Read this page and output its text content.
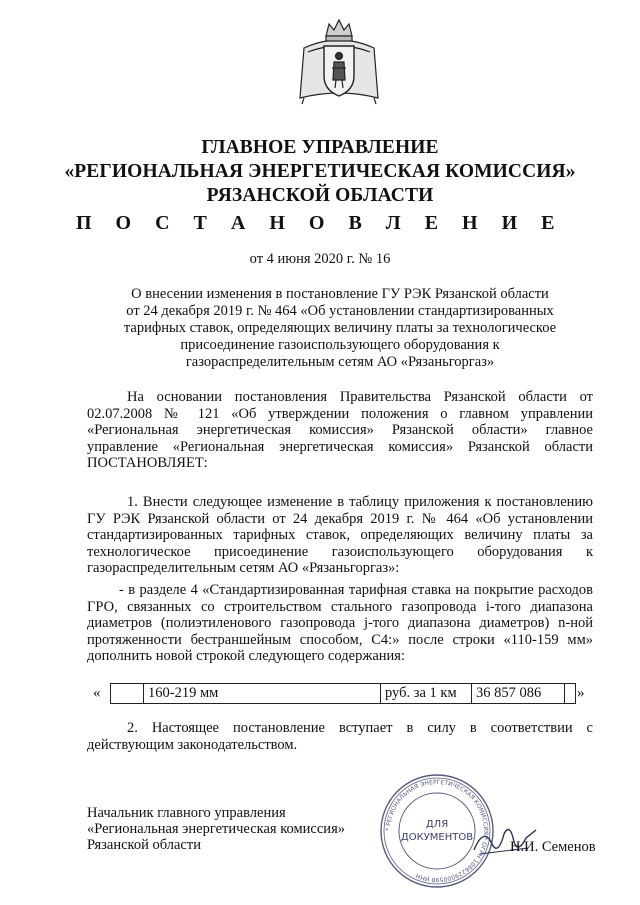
ГЛАВНОЕ УПРАВЛЕНИЕ
«РЕГИОНАЛЬНАЯ ЭНЕРГЕТИЧЕСКАЯ КОМИССИЯ»
РЯЗАНСКОЙ ОБЛАСТИ
П О С Т А Н О В Л Е Н И Е
от 4 июня 2020 г. № 16
О внесении изменения в постановление ГУ РЭК Рязанской области
от 24 декабря 2019 г. № 464 «Об установлении стандартизированных
тарифных ставок, определяющих величину платы за технологическое
присоединение газоиспользующего оборудования к
газораспределительным сетям АО «Рязаньгоргаз»
На основании постановления Правительства Рязанской области от 02.07.2008 № 121 «Об утверждении положения о главном управлении «Региональная энергетическая комиссия» Рязанской области» главное управление «Региональная энергетическая комиссия» Рязанской области ПОСТАНОВЛЯЕТ:
1. Внести следующее изменение в таблицу приложения к постановлению ГУ РЭК Рязанской области от 24 декабря 2019 г. № 464 «Об установлении стандартизированных тарифных ставок, определяющих величину платы за технологическое присоединение газоиспользующего оборудования к газораспределительным сетям АО «Рязаньгоргаз»:
- в разделе 4 «Стандартизированная тарифная ставка на покрытие расходов ГРО, связанных со строительством стального газопровода i-того диапазона диаметров (полиэтиленового газопровода j-того диапазона диаметров) n-ной протяженности бестраншейным способом, С4:» после строки «110-159 мм» дополнить новой строкой следующего содержания:
«
		160-219 мм	руб. за 1 км	36 857 086	»
2. Настоящее постановление вступает в силу в соответствии с действующим законодательством.
Начальник главного управления
«Региональная энергетическая комиссия»
Рязанской области
* РЕГИОНАЛЬНАЯ ЭНЕРГЕТИЧЕСКАЯ КОМИССИЯ * ОГРН 1086229000598 ИНН
ДЛЯ
ДОКУМЕНТОВ
Н.И. Семенов
